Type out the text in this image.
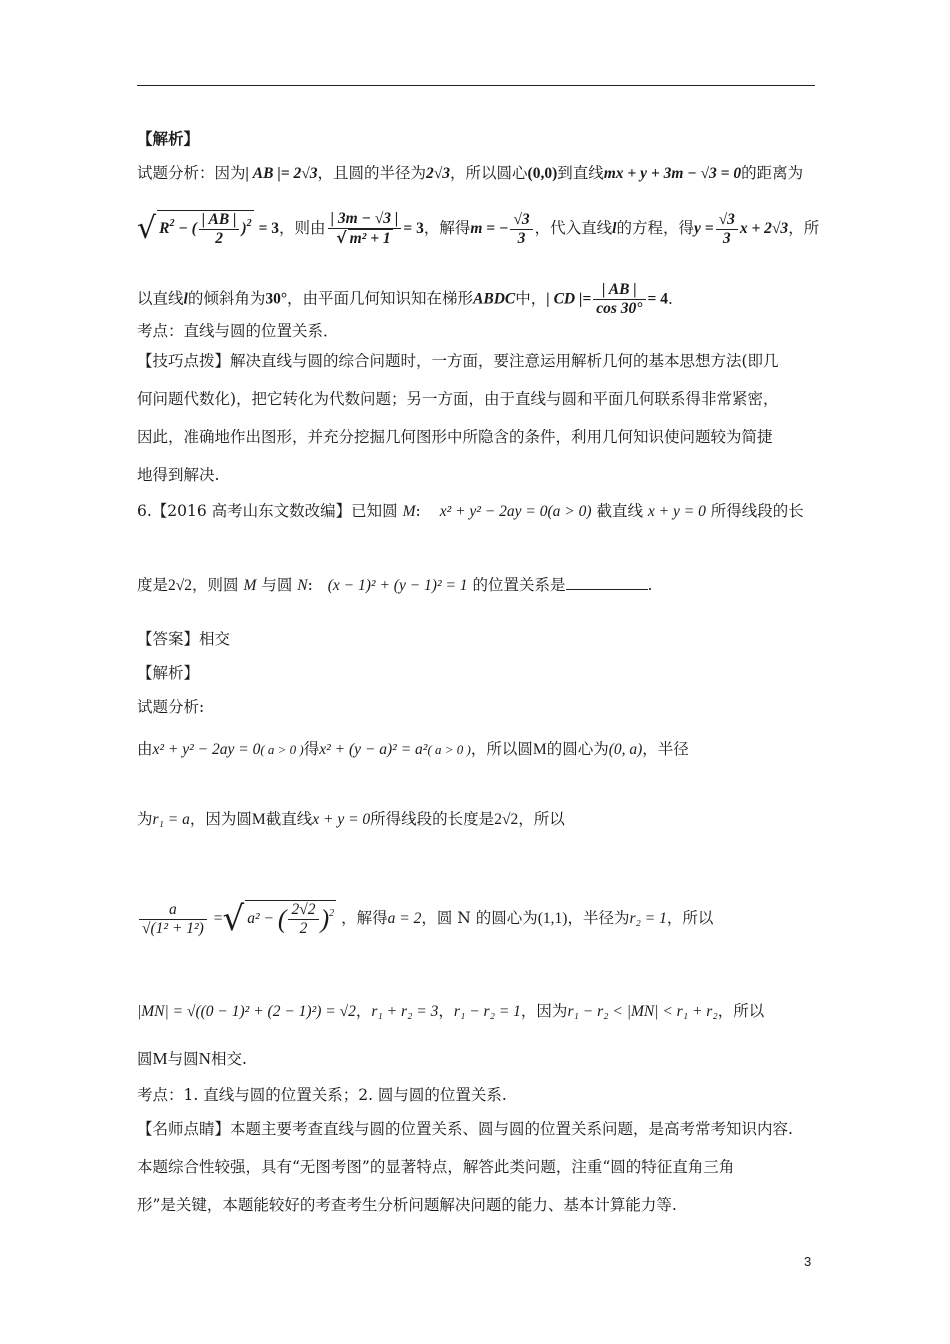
【解析】
试题分析：因为| AB |= 2√3，且圆的半径为2√3，所以圆心(0,0)到直线mx + y + 3m − √3 = 0的距离为
√ $R^2$ − ( $\frac{| AB |}{2} )^2 = 3$，则由 $\frac{| 3m - √3 |}{\text{√ m² + 1}} = 3$，解得m = − $\frac{√3}{3}$ ，代入直线l的方程，得$y = \frac{√3}{3}$ x + 2√3，所
以直线l的倾斜角为30°，由平面几何知识知在梯形ABDC中，| CD |= $\frac{| AB |}{\cos 30^\circ} = 4$．
考点：直线与圆的位置关系．
【技巧点拨】解决直线与圆的综合问题时，一方面，要注意运用解析几何的基本思想方法(即几
何问题代数化)，把它转化为代数问题；另一方面，由于直线与圆和平面几何联系得非常紧密，
因此，准确地作出图形，并充分挖掘几何图形中所隐含的条件，利用几何知识使问题较为简捷
地得到解决.
6.【2016 高考山东文数改编】已知圆 M: x² + y² − 2ay = 0(a > 0) 截直线 x + y = 0 所得线段的长
度是2√2，则圆 M 与圆 N: (x − 1)² + (y − 1)² = 1 的位置关系是	.
【答案】相交
【解析】
试题分析:
由x² + y² − 2ay = 0( a > 0 )得x² + (y − a)² = a²( a > 0 )，所以圆M的圆心为(0, a)，半径
为r₁ = a，因为圆M截直线x + y = 0所得线段的长度是2√2，所以
$\frac{a}{\text{√(1² + 1²)}}$ =√ a² − ( $\frac{2√2}{2} )^2$ ，解得a = 2，圆 N 的圆心为(1,1)，半径为r₂ = 1，所以
|MN| = √((0 − 1)² + (2 − 1)²) = √2，r₁ + r₂ = 3，r₁ − r₂ = 1，因为r₁ − r₂ < |MN| < r₁ + r₂，所以
圆M与圆N相交.
考点：1. 直线与圆的位置关系；2. 圆与圆的位置关系.
【名师点睛】本题主要考查直线与圆的位置关系、圆与圆的位置关系问题，是高考常考知识内容.
本题综合性较强，具有“无图考图”的显著特点，解答此类问题，注重“圆的特征直角三角
形”是关键，本题能较好的考查考生分析问题解决问题的能力、基本计算能力等.
3
